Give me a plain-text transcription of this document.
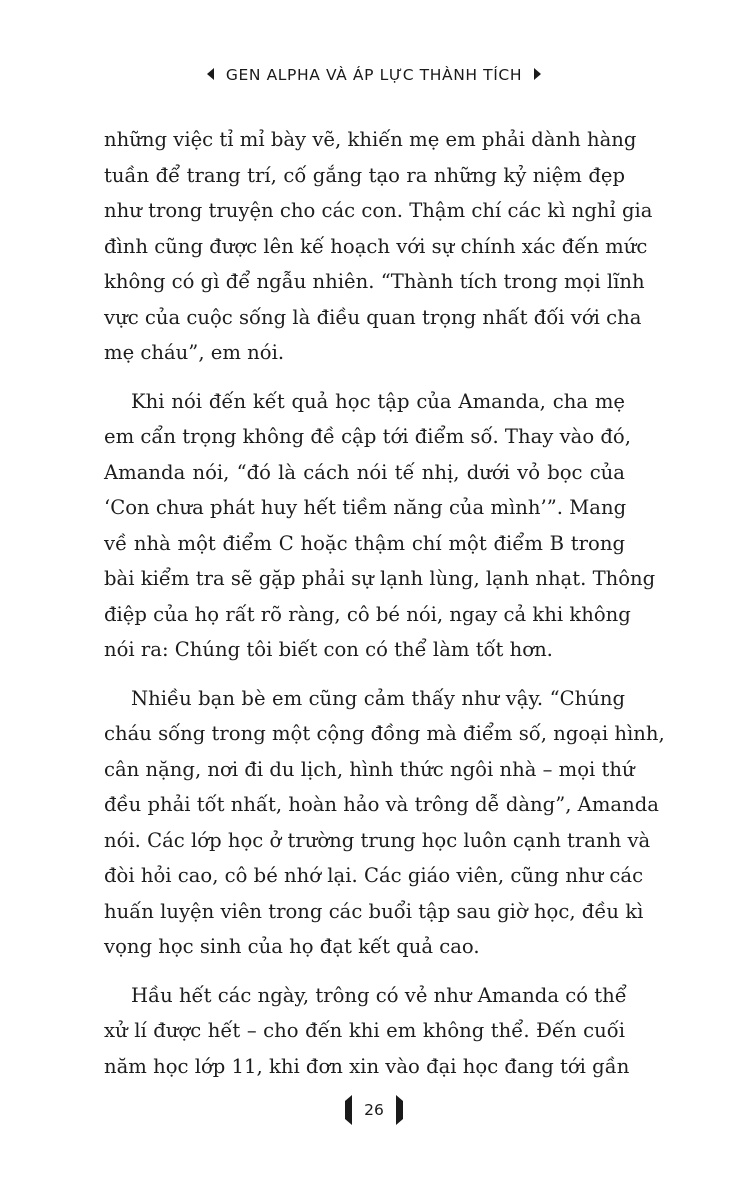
GEN ALPHA VÀ ÁP LỰC THÀNH TÍCH
những việc tỉ mỉ bày vẽ, khiến mẹ em phải dành hàng
tuần để trang trí, cố gắng tạo ra những kỷ niệm đẹp
như trong truyện cho các con. Thậm chí các kì nghỉ gia
đình cũng được lên kế hoạch với sự chính xác đến mức
không có gì để ngẫu nhiên. “Thành tích trong mọi lĩnh
vực của cuộc sống là điều quan trọng nhất đối với cha
mẹ cháu”, em nói.
Khi nói đến kết quả học tập của Amanda, cha mẹ
em cẩn trọng không đề cập tới điểm số. Thay vào đó,
Amanda nói, “đó là cách nói tế nhị, dưới vỏ bọc của
‘Con chưa phát huy hết tiềm năng của mình’”. Mang
về nhà một điểm C hoặc thậm chí một điểm B trong
bài kiểm tra sẽ gặp phải sự lạnh lùng, lạnh nhạt. Thông
điệp của họ rất rõ ràng, cô bé nói, ngay cả khi không
nói ra: Chúng tôi biết con có thể làm tốt hơn.
Nhiều bạn bè em cũng cảm thấy như vậy. “Chúng
cháu sống trong một cộng đồng mà điểm số, ngoại hình,
cân nặng, nơi đi du lịch, hình thức ngôi nhà – mọi thứ
đều phải tốt nhất, hoàn hảo và trông dễ dàng”, Amanda
nói. Các lớp học ở trường trung học luôn cạnh tranh và
đòi hỏi cao, cô bé nhớ lại. Các giáo viên, cũng như các
huấn luyện viên trong các buổi tập sau giờ học, đều kì
vọng học sinh của họ đạt kết quả cao.
Hầu hết các ngày, trông có vẻ như Amanda có thể
xử lí được hết – cho đến khi em không thể. Đến cuối
năm học lớp 11, khi đơn xin vào đại học đang tới gần
26
